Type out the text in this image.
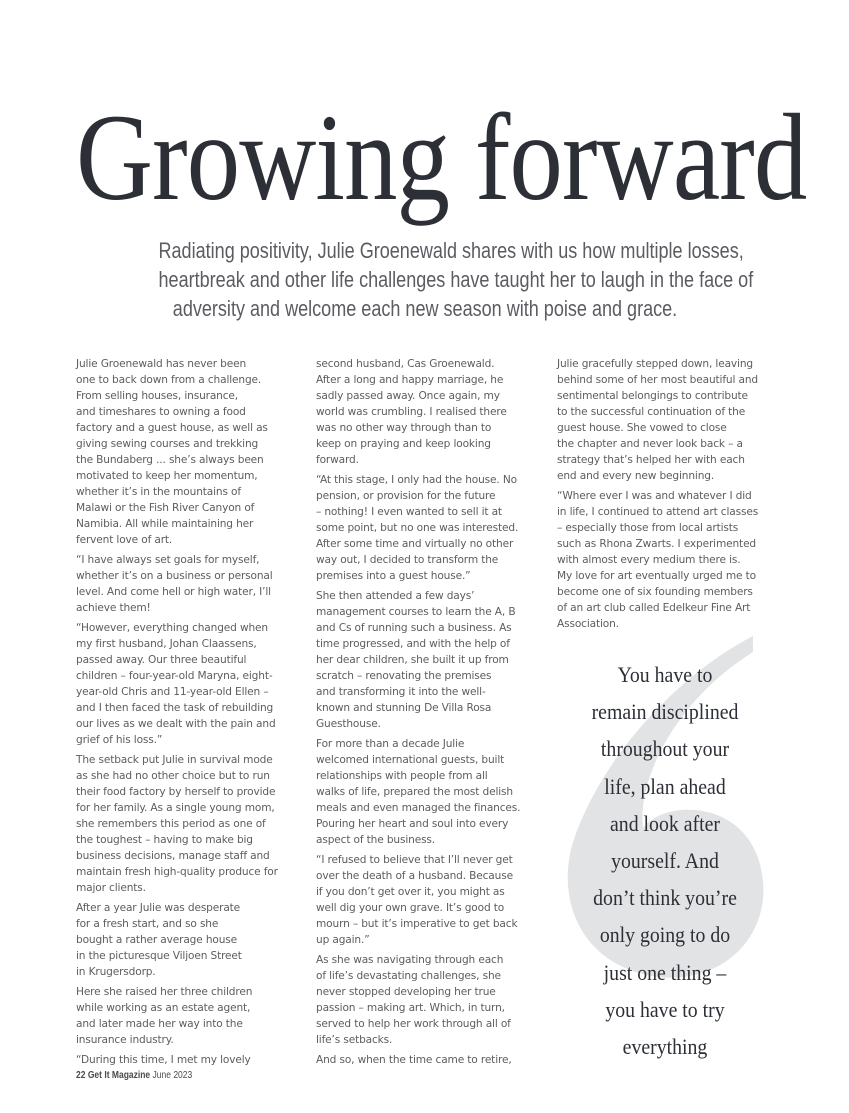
Growing forward
Radiating positivity, Julie Groenewald shares with us how multiple losses,
heartbreak and other life challenges have taught her to laugh in the face of
adversity and welcome each new season with poise and grace.

Julie Groenewald has never been
one to back down from a challenge.
From selling houses, insurance,
and timeshares to owning a food
factory and a guest house, as well as
giving sewing courses and trekking
the Bundaberg ... she’s always been
motivated to keep her momentum,
whether it’s in the mountains of
Malawi or the Fish River Canyon of
Namibia. All while maintaining her
fervent love of art.

“I have always set goals for myself,
whether it’s on a business or personal
level. And come hell or high water, I’ll
achieve them!

“However, everything changed when
my first husband, Johan Claassens,
passed away. Our three beautiful
children – four-year-old Maryna, eight-
year-old Chris and 11-year-old Ellen –
and I then faced the task of rebuilding
our lives as we dealt with the pain and
grief of his loss.”

The setback put Julie in survival mode
as she had no other choice but to run
their food factory by herself to provide
for her family. As a single young mom,
she remembers this period as one of
the toughest – having to make big
business decisions, manage staff and
maintain fresh high-quality produce for
major clients.

After a year Julie was desperate
for a fresh start, and so she
bought a rather average house
in the picturesque Viljoen Street
in Krugersdorp.

Here she raised her three children
while working as an estate agent,
and later made her way into the
insurance industry.

“During this time, I met my lovely

second husband, Cas Groenewald.
After a long and happy marriage, he
sadly passed away. Once again, my
world was crumbling. I realised there
was no other way through than to
keep on praying and keep looking
forward.

“At this stage, I only had the house. No
pension, or provision for the future
– nothing! I even wanted to sell it at
some point, but no one was interested.
After some time and virtually no other
way out, I decided to transform the
premises into a guest house.”

She then attended a few days’
management courses to learn the A, B
and Cs of running such a business. As
time progressed, and with the help of
her dear children, she built it up from
scratch – renovating the premises
and transforming it into the well-
known and stunning De Villa Rosa
Guesthouse.

For more than a decade Julie
welcomed international guests, built
relationships with people from all
walks of life, prepared the most delish
meals and even managed the finances.
Pouring her heart and soul into every
aspect of the business.

“I refused to believe that I’ll never get
over the death of a husband. Because
if you don’t get over it, you might as
well dig your own grave. It’s good to
mourn – but it’s imperative to get back
up again.”

As she was navigating through each
of life’s devastating challenges, she
never stopped developing her true
passion – making art. Which, in turn,
served to help her work through all of
life’s setbacks.

And so, when the time came to retire,

Julie gracefully stepped down, leaving
behind some of her most beautiful and
sentimental belongings to contribute
to the successful continuation of the
guest house. She vowed to close
the chapter and never look back – a
strategy that’s helped her with each
end and every new beginning.

“Where ever I was and whatever I did
in life, I continued to attend art classes
– especially those from local artists
such as Rhona Zwarts. I experimented
with almost every medium there is.
My love for art eventually urged me to
become one of six founding members
of an art club called Edelkeur Fine Art
Association.

You have to
remain disciplined
throughout your
life, plan ahead
and look after
yourself. And
don’t think you’re
only going to do
just one thing –
you have to try
everything
22 Get It Magazine June 2023
